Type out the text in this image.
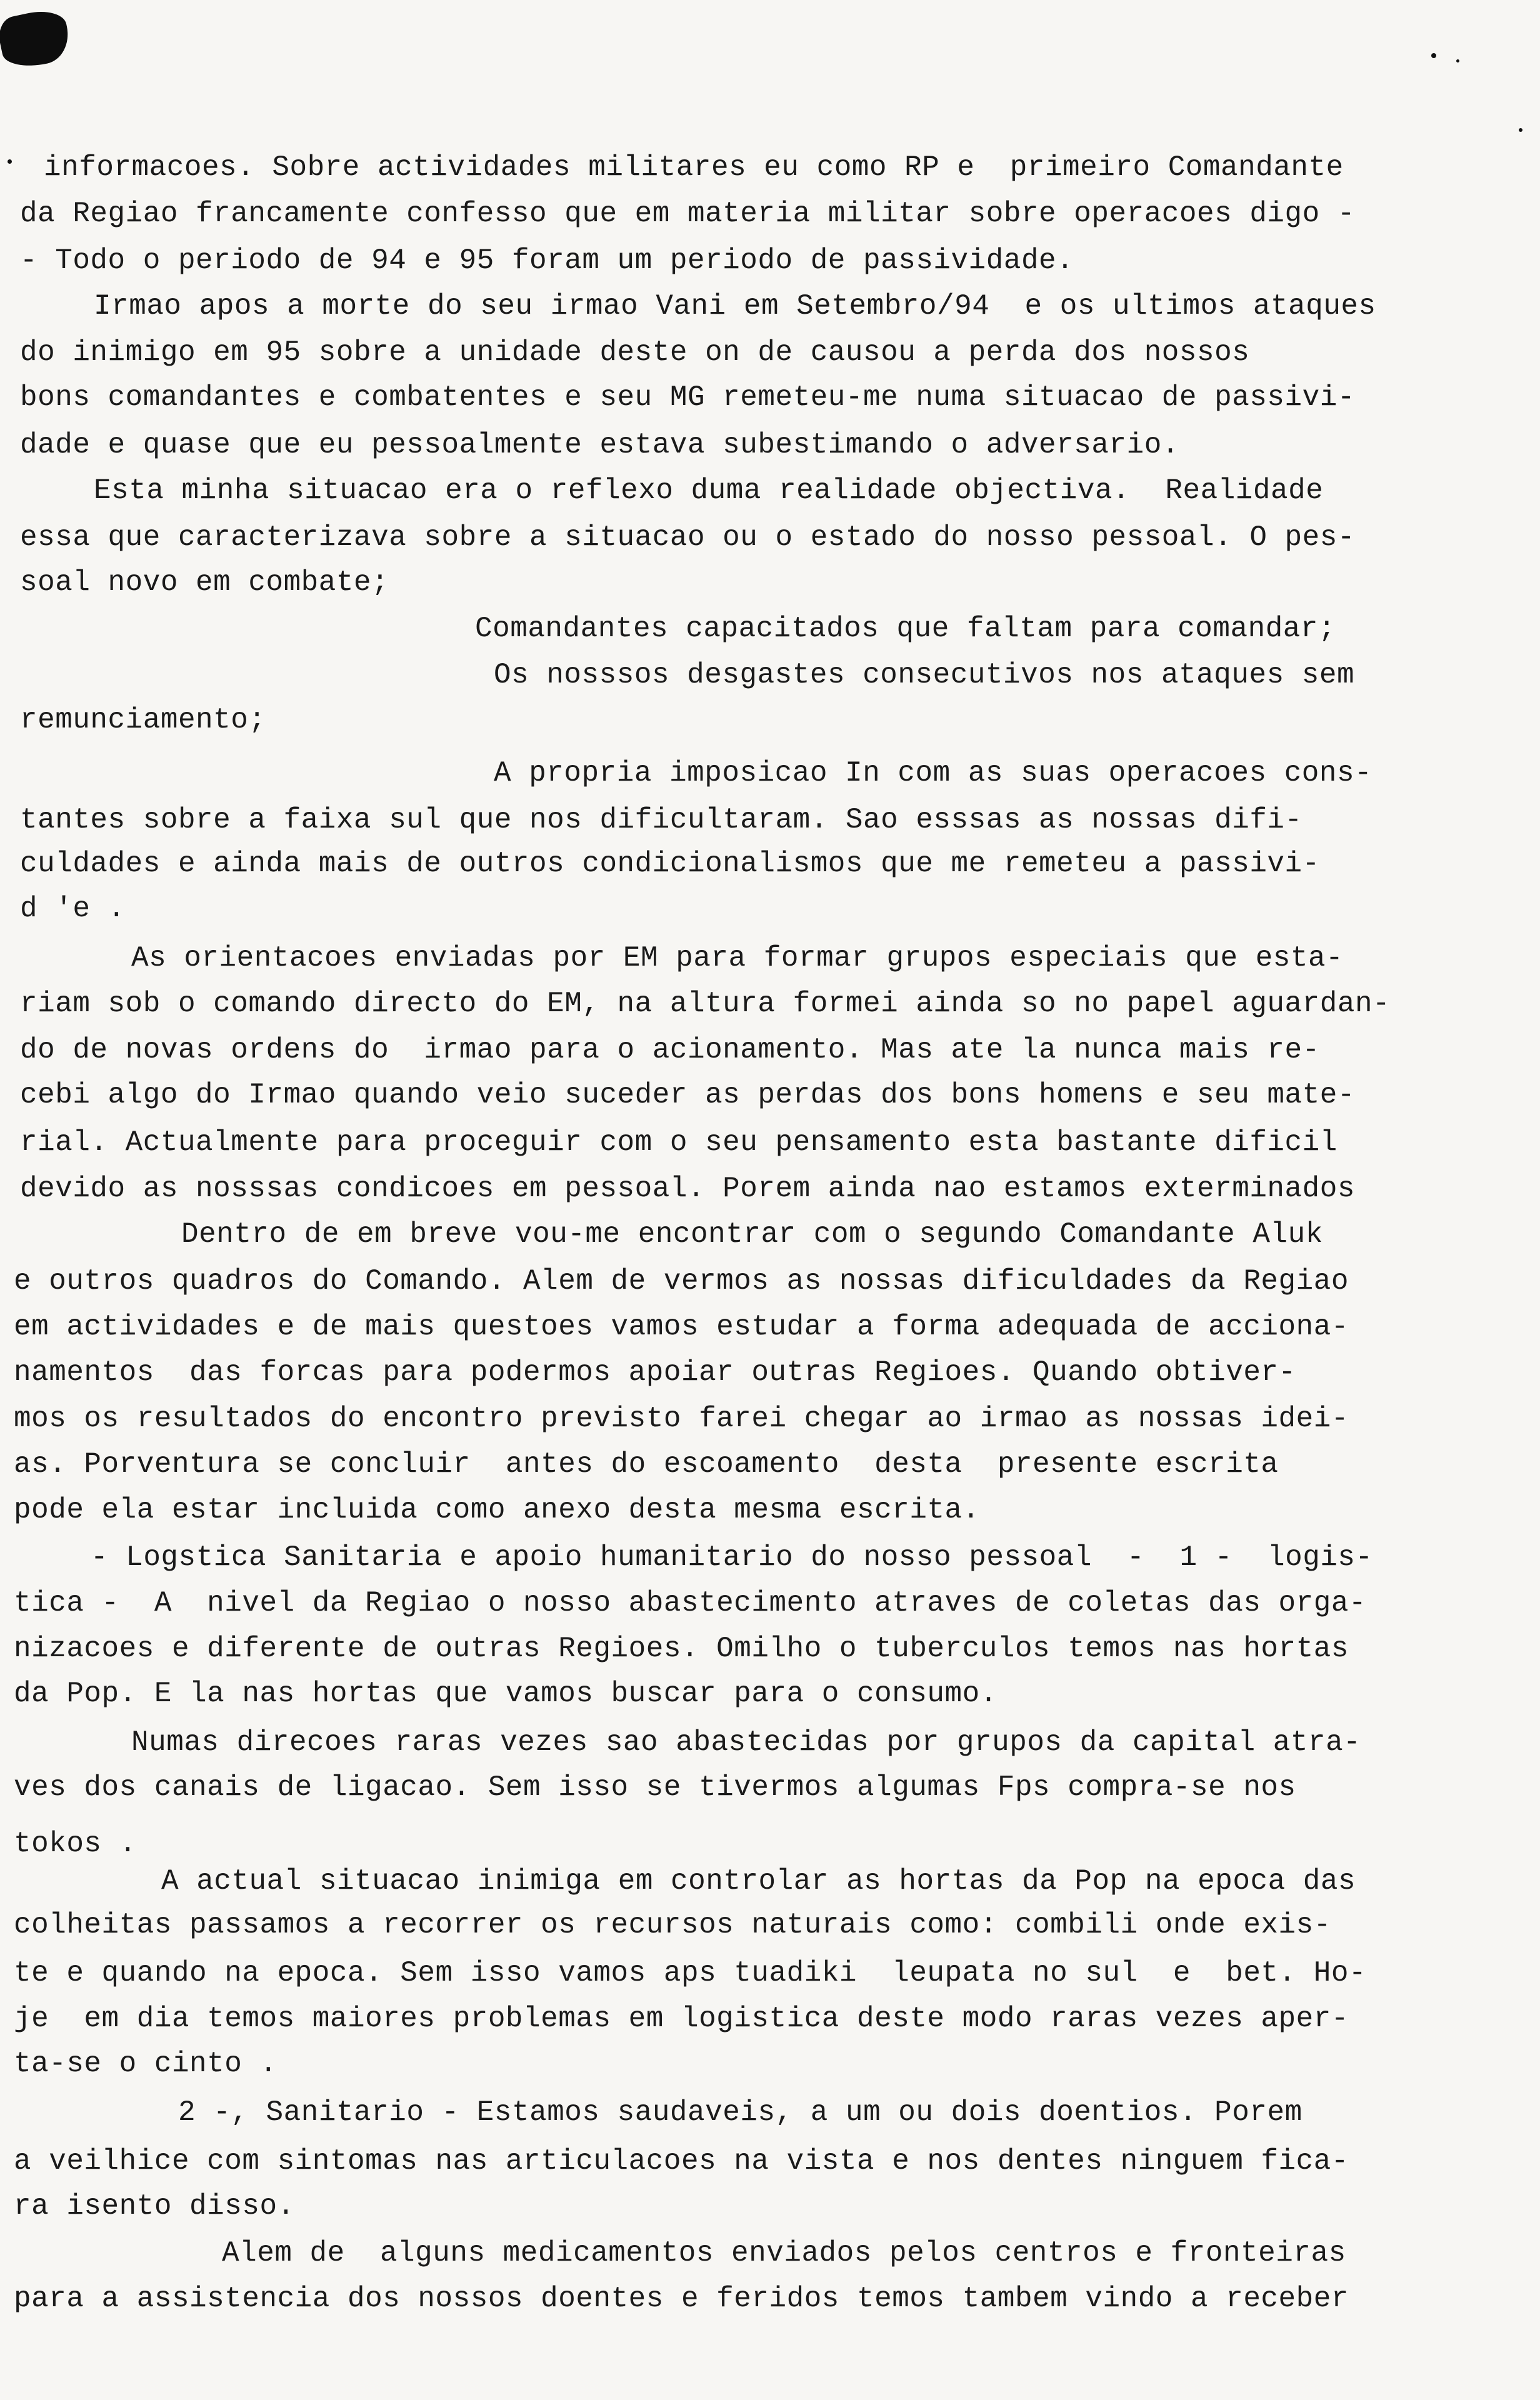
informacoes. Sobre actividades militares eu como RP e  primeiro Comandante
da Regiao francamente confesso que em materia militar sobre operacoes digo -
- Todo o periodo de 94 e 95 foram um periodo de passividade.
Irmao apos a morte do seu irmao Vani em Setembro/94  e os ultimos ataques
do inimigo em 95 sobre a unidade deste on de causou a perda dos nossos
bons comandantes e combatentes e seu MG remeteu-me numa situacao de passivi-
dade e quase que eu pessoalmente estava subestimando o adversario.
Esta minha situacao era o reflexo duma realidade objectiva.  Realidade
essa que caracterizava sobre a situacao ou o estado do nosso pessoal. O pes-
soal novo em combate;
Comandantes capacitados que faltam para comandar;
Os nosssos desgastes consecutivos nos ataques sem
remunciamento;
A propria imposicao In com as suas operacoes cons-
tantes sobre a faixa sul que nos dificultaram. Sao esssas as nossas difi-
culdades e ainda mais de outros condicionalismos que me remeteu a passivi-
d 'e .
As orientacoes enviadas por EM para formar grupos especiais que esta-
riam sob o comando directo do EM, na altura formei ainda so no papel aguardan-
do de novas ordens do  irmao para o acionamento. Mas ate la nunca mais re-
cebi algo do Irmao quando veio suceder as perdas dos bons homens e seu mate-
rial. Actualmente para proceguir com o seu pensamento esta bastante dificil
devido as nosssas condicoes em pessoal. Porem ainda nao estamos exterminados
Dentro de em breve vou-me encontrar com o segundo Comandante Aluk
e outros quadros do Comando. Alem de vermos as nossas dificuldades da Regiao
em actividades e de mais questoes vamos estudar a forma adequada de acciona-
namentos  das forcas para podermos apoiar outras Regioes. Quando obtiver-
mos os resultados do encontro previsto farei chegar ao irmao as nossas idei-
as. Porventura se concluir  antes do escoamento  desta  presente escrita
pode ela estar incluida como anexo desta mesma escrita.
- Logstica Sanitaria e apoio humanitario do nosso pessoal  -  1 -  logis-
tica -  A  nivel da Regiao o nosso abastecimento atraves de coletas das orga-
nizacoes e diferente de outras Regioes. Omilho o tuberculos temos nas hortas
da Pop. E la nas hortas que vamos buscar para o consumo.
Numas direcoes raras vezes sao abastecidas por grupos da capital atra-
ves dos canais de ligacao. Sem isso se tivermos algumas Fps compra-se nos
tokos .
A actual situacao inimiga em controlar as hortas da Pop na epoca das
colheitas passamos a recorrer os recursos naturais como: combili onde exis-
te e quando na epoca. Sem isso vamos aps tuadiki  leupata no sul  e  bet. Ho-
je  em dia temos maiores problemas em logistica deste modo raras vezes aper-
ta-se o cinto .
2 -, Sanitario - Estamos saudaveis, a um ou dois doentios. Porem
a veilhice com sintomas nas articulacoes na vista e nos dentes ninguem fica-
ra isento disso.
Alem de  alguns medicamentos enviados pelos centros e fronteiras
para a assistencia dos nossos doentes e feridos temos tambem vindo a receber
